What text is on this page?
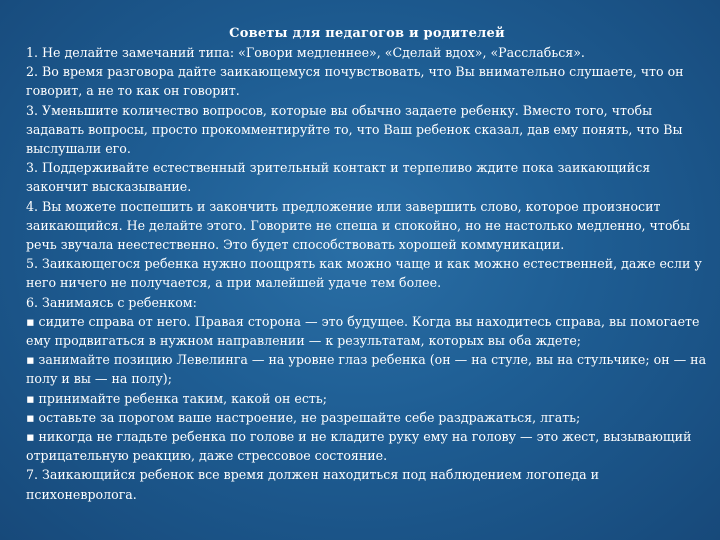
Советы для педагогов и родителей

1. Не делайте замечаний типа: «Говори медленнее», «Сделай вдох», «Расслабься».

2. Во время разговора дайте заикающемуся почувствовать, что Вы внимательно слушаете, что он говорит, а не то как он говорит.

3. Уменьшите количество вопросов, которые вы обычно задаете ребенку. Вместо того, чтобы задавать вопросы, просто прокомментируйте то, что Ваш ребенок сказал, дав ему понять, что Вы выслушали его.

3. Поддерживайте естественный зрительный контакт и терпеливо ждите пока заикающийся закончит высказывание.

4. Вы можете поспешить и закончить предложение или завершить слово, которое произносит заикающийся. Не делайте этого. Говорите не спеша и спокойно, но не настолько медленно, чтобы речь звучала неестественно. Это будет способствовать хорошей коммуникации.

5. Заикающегося ребенка нужно поощрять как можно чаще и как можно естественней, даже если у него ничего не получается, а при малейшей удаче тем более.

6. Занимаясь с ребенком:

▪ сидите справа от него. Правая сторона — это будущее. Когда вы находитесь справа, вы помогаете ему продвигаться в нужном направлении — к результатам, которых вы оба ждете;

▪ занимайте позицию Левелинга — на уровне глаз ребенка (он — на стуле, вы на стульчике; он — на полу и вы — на полу);

▪ принимайте ребенка таким, какой он есть;

▪ оставьте за порогом ваше настроение, не разрешайте себе раздражаться, лгать;

▪ никогда не гладьте ребенка по голове и не кладите руку ему на голову — это жест, вызывающий отрицательную реакцию, даже стрессовое состояние.

7. Заикающийся ребенок все время должен находиться под наблюдением логопеда и психоневролога.
